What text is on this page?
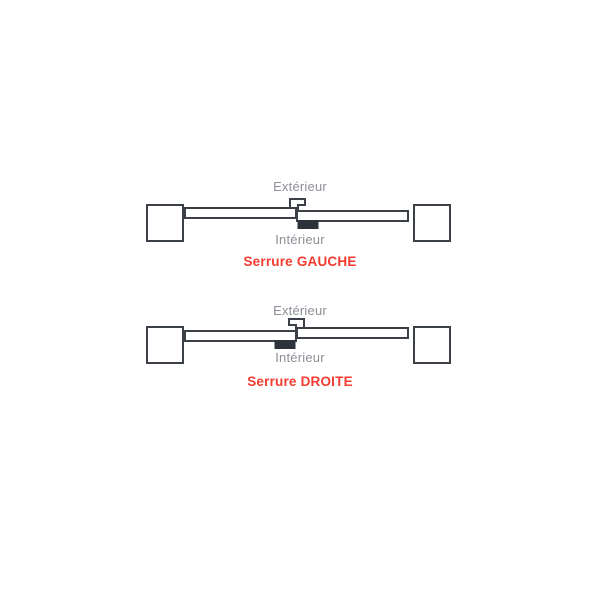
Extérieur
Intérieur
Serrure GAUCHE
Extérieur
Intérieur
Serrure DROITE
